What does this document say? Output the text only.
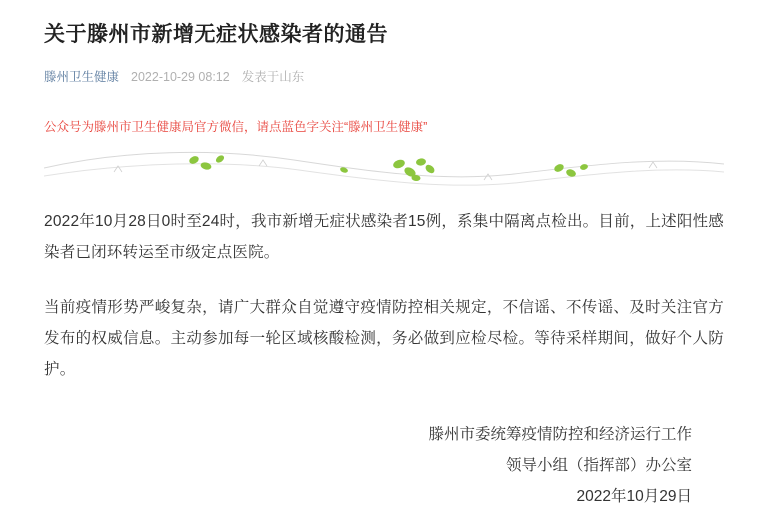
关于滕州市新增无症状感染者的通告
滕州卫生健康 2022-10-29 08:12 发表于山东
公众号为滕州市卫生健康局官方微信，请点蓝色字关注“滕州卫生健康”

2022年10月28日0时至24时，我市新增无症状感染者15例，系集中隔离点检出。目前，上述阳性感染者已闭环转运至市级定点医院。

当前疫情形势严峻复杂，请广大群众自觉遵守疫情防控相关规定，不信谣、不传谣、及时关注官方发布的权威信息。主动参加每一轮区域核酸检测，务必做到应检尽检。等待采样期间，做好个人防护。

滕州市委统筹疫情防控和经济运行工作
领导小组（指挥部）办公室
2022年10月29日
